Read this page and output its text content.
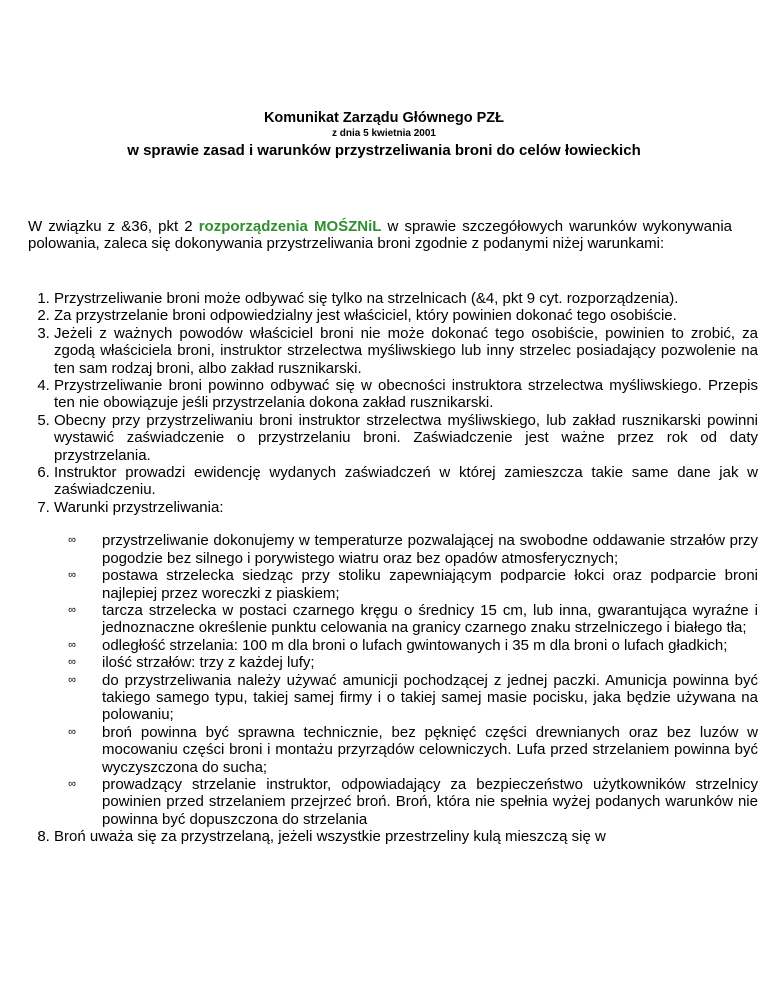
Komunikat Zarządu Głównego PZŁ
z dnia 5 kwietnia 2001
w sprawie zasad i warunków przystrzeliwania broni do celów łowieckich

W związku z &36, pkt 2 rozporządzenia MOŚZNiL w sprawie szczegółowych warunków wykonywania polowania, zaleca się dokonywania przystrzeliwania broni zgodnie z podanymi niżej warunkami:

1. Przystrzeliwanie broni może odbywać się tylko na strzelnicach (&4, pkt 9 cyt. rozporządzenia).
2. Za przystrzelanie broni odpowiedzialny jest właściciel, który powinien dokonać tego osobiście.
3. Jeżeli z ważnych powodów właściciel broni nie może dokonać tego osobiście, powinien to zrobić, za zgodą właściciela broni, instruktor strzelectwa myśliwskiego lub inny strzelec posiadający pozwolenie na ten sam rodzaj broni, albo zakład rusznikarski.
4. Przystrzeliwanie broni powinno odbywać się w obecności instruktora strzelectwa myśliwskiego. Przepis ten nie obowiązuje jeśli przystrzelania dokona zakład rusznikarski.
5. Obecny przy przystrzeliwaniu broni instruktor strzelectwa myśliwskiego, lub zakład rusznikarski powinni wystawić zaświadczenie o przystrzelaniu broni. Zaświadczenie jest ważne przez rok od daty przystrzelania.
6. Instruktor prowadzi ewidencję wydanych zaświadczeń w której zamieszcza takie same dane jak w zaświadczeniu.
7. Warunki przystrzeliwania:
∞ przystrzeliwanie dokonujemy w temperaturze pozwalającej na swobodne oddawanie strzałów przy pogodzie bez silnego i porywistego wiatru oraz bez opadów atmosferycznych;
∞ postawa strzelecka siedząc przy stoliku zapewniającym podparcie łokci oraz podparcie broni najlepiej przez woreczki z piaskiem;
∞ tarcza strzelecka w postaci czarnego kręgu o średnicy 15 cm, lub inna, gwarantująca wyraźne i jednoznaczne określenie punktu celowania na granicy czarnego znaku strzelniczego i białego tła;
∞ odległość strzelania: 100 m dla broni o lufach gwintowanych i 35 m dla broni o lufach gładkich;
∞ ilość strzałów: trzy z każdej lufy;
∞ do przystrzeliwania należy używać amunicji pochodzącej z jednej paczki. Amunicja powinna być takiego samego typu, takiej samej firmy i o takiej samej masie pocisku, jaka będzie używana na polowaniu;
∞ broń powinna być sprawna technicznie, bez pęknięć części drewnianych oraz bez luzów w mocowaniu części broni i montażu przyrządów celowniczych. Lufa przed strzelaniem powinna być wyczyszczona do sucha;
∞ prowadzący strzelanie instruktor, odpowiadający za bezpieczeństwo użytkowników strzelnicy powinien przed strzelaniem przejrzeć broń. Broń, która nie spełnia wyżej podanych warunków nie powinna być dopuszczona do strzelania
8. Broń uważa się za przystrzelaną, jeżeli wszystkie przestrzeliny kulą mieszczą się w
